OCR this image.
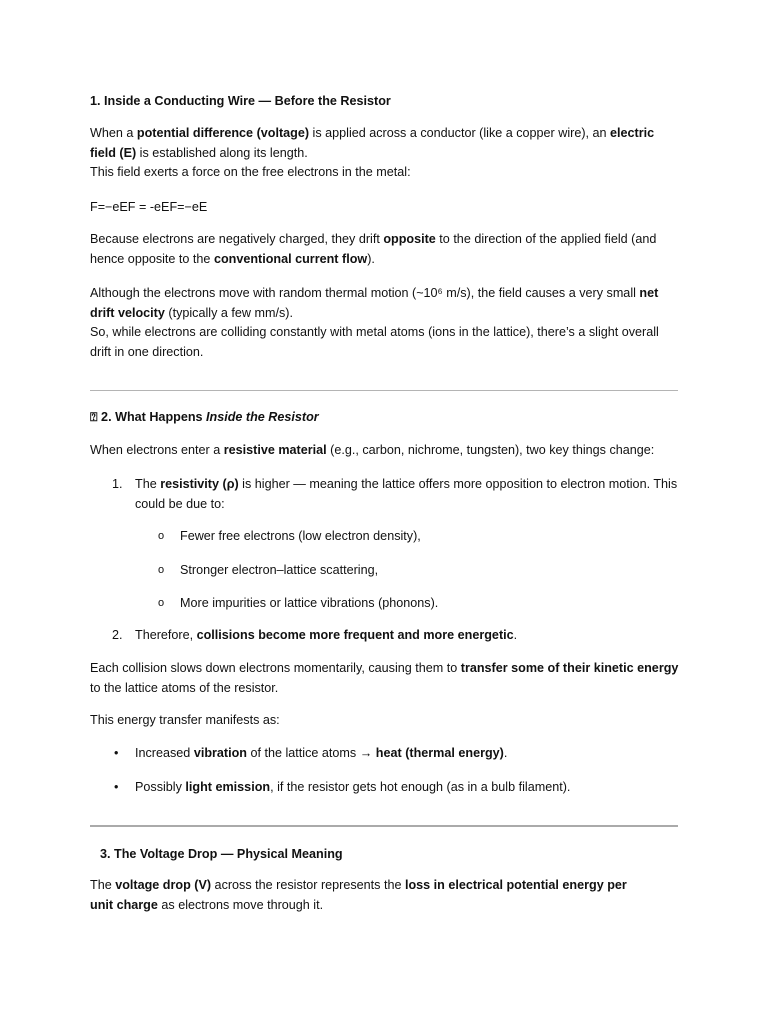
1. Inside a Conducting Wire — Before the Resistor
When a potential difference (voltage) is applied across a conductor (like a copper wire), an electric field (E) is established along its length.
This field exerts a force on the free electrons in the metal:
F=−eEF = -eEF=−eE
Because electrons are negatively charged, they drift opposite to the direction of the applied field (and hence opposite to the conventional current flow).
Although the electrons move with random thermal motion (~10⁶ m/s), the field causes a very small net drift velocity (typically a few mm/s).
So, while electrons are colliding constantly with metal atoms (ions in the lattice), there’s a slight overall drift in one direction.
⍰ 2. What Happens Inside the Resistor
When electrons enter a resistive material (e.g., carbon, nichrome, tungsten), two key things change:
1. The resistivity (ρ) is higher — meaning the lattice offers more opposition to electron motion. This could be due to:
o Fewer free electrons (low electron density),
o Stronger electron–lattice scattering,
o More impurities or lattice vibrations (phonons).
2. Therefore, collisions become more frequent and more energetic.
Each collision slows down electrons momentarily, causing them to transfer some of their kinetic energy to the lattice atoms of the resistor.
This energy transfer manifests as:
• Increased vibration of the lattice atoms → heat (thermal energy).
• Possibly light emission, if the resistor gets hot enough (as in a bulb filament).
3. The Voltage Drop — Physical Meaning
The voltage drop (V) across the resistor represents the loss in electrical potential energy per unit charge as electrons move through it.
